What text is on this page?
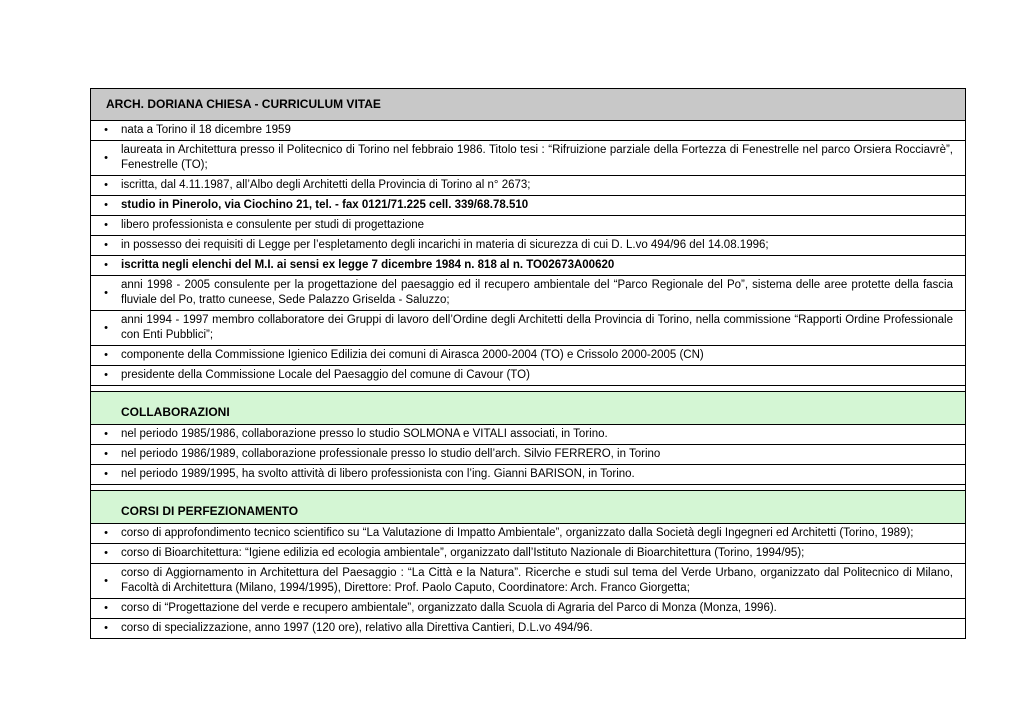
ARCH. DORIANA CHIESA - CURRICULUM VITAE
•	nata a Torino il 18 dicembre 1959
•
laureata in Architettura presso il Politecnico di Torino nel febbraio 1986. Titolo tesi : “Rifruizione parziale della Fortezza di Fenestrelle nel parco Orsiera Rocciavrè”, Fenestrelle (TO);
•	iscritta, dal 4.11.1987, all’Albo degli Architetti della Provincia di Torino al n° 2673;
•	studio in Pinerolo, via Ciochino 21, tel. - fax 0121/71.225 cell. 339/68.78.510
•	libero professionista e consulente per studi di progettazione
•	in possesso dei requisiti di Legge per l’espletamento degli incarichi in materia di sicurezza di cui D. L.vo 494/96 del 14.08.1996;
•	iscritta negli elenchi del M.I. ai sensi ex legge 7 dicembre 1984 n. 818 al n. TO02673A00620
•
anni 1998 - 2005 consulente per la progettazione del paesaggio ed il recupero ambientale del “Parco Regionale del Po”, sistema delle aree protette della fascia fluviale del Po, tratto cuneese, Sede Palazzo Griselda - Saluzzo;
•
anni 1994 - 1997 membro collaboratore dei Gruppi di lavoro dell’Ordine degli Architetti della Provincia di Torino, nella commissione “Rapporti Ordine Professionale con Enti Pubblici”;
•	componente della Commissione Igienico Edilizia dei comuni di Airasca 2000-2004 (TO) e Crissolo 2000-2005 (CN)
•	presidente della Commissione Locale del Paesaggio del comune di Cavour (TO)
COLLABORAZIONI
•	nel periodo 1985/1986, collaborazione presso lo studio SOLMONA e VITALI associati, in Torino.
•	nel periodo 1986/1989, collaborazione professionale presso lo studio dell’arch. Silvio FERRERO, in Torino
•	nel periodo 1989/1995, ha svolto attività di libero professionista con l’ing. Gianni BARISON, in Torino.
CORSI DI PERFEZIONAMENTO
•	corso di approfondimento tecnico scientifico su “La Valutazione di Impatto Ambientale”, organizzato dalla Società degli Ingegneri ed Architetti (Torino, 1989);
•	corso di Bioarchitettura: “Igiene edilizia ed ecologia ambientale”, organizzato dall’Istituto Nazionale di Bioarchitettura (Torino, 1994/95);
•
corso di Aggiornamento in Architettura del Paesaggio : “La Città e la Natura”. Ricerche e studi sul tema del Verde Urbano, organizzato dal Politecnico di Milano, Facoltà di Architettura (Milano, 1994/1995), Direttore: Prof. Paolo Caputo, Coordinatore: Arch. Franco Giorgetta;
•	corso di “Progettazione del verde e recupero ambientale”, organizzato dalla Scuola di Agraria del Parco di Monza (Monza, 1996).
•	corso di specializzazione, anno 1997 (120 ore), relativo alla Direttiva Cantieri, D.L.vo 494/96.
